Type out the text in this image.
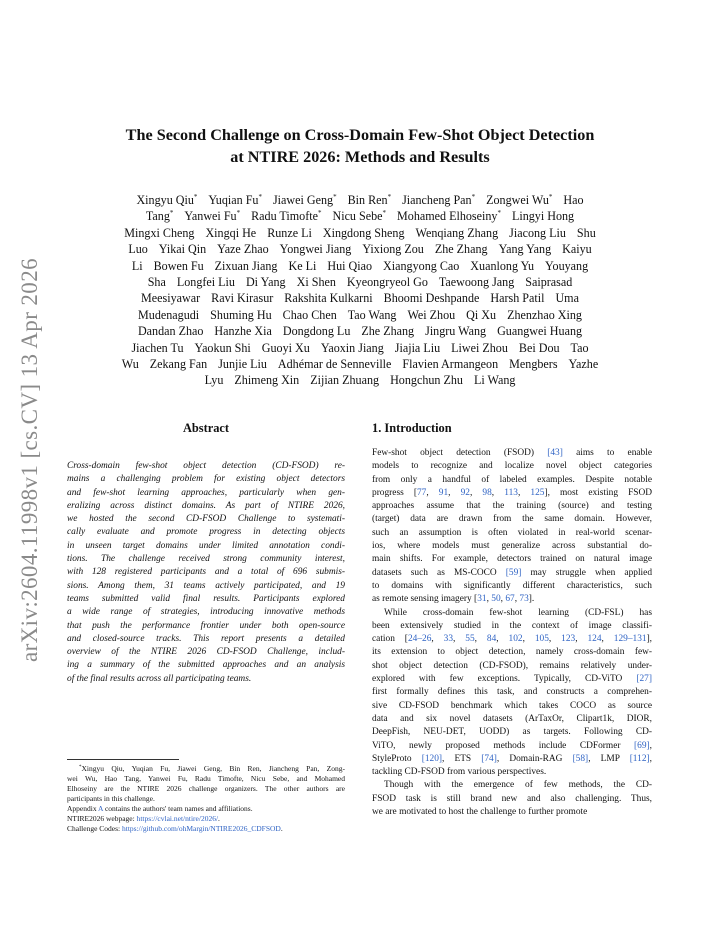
arXiv:2604.11998v1 [cs.CV] 13 Apr 2026
The Second Challenge on Cross-Domain Few-Shot Object Detection
at NTIRE 2026: Methods and Results
Xingyu Qiu* Yuqian Fu* Jiawei Geng* Bin Ren* Jiancheng Pan* Zongwei Wu* Hao
Tang* Yanwei Fu* Radu Timofte* Nicu Sebe* Mohamed Elhoseiny* Lingyi Hong
Mingxi Cheng Xingqi He Runze Li Xingdong Sheng Wenqiang Zhang Jiacong Liu Shu
Luo Yikai Qin Yaze Zhao Yongwei Jiang Yixiong Zou Zhe Zhang Yang Yang Kaiyu
Li Bowen Fu Zixuan Jiang Ke Li Hui Qiao Xiangyong Cao Xuanlong Yu Youyang
Sha Longfei Liu Di Yang Xi Shen Kyeongryeol Go Taewoong Jang Saiprasad
Meesiyawar Ravi Kirasur Rakshita Kulkarni Bhoomi Deshpande Harsh Patil Uma
Mudenagudi Shuming Hu Chao Chen Tao Wang Wei Zhou Qi Xu Zhenzhao Xing
Dandan Zhao Hanzhe Xia Dongdong Lu Zhe Zhang Jingru Wang Guangwei Huang
Jiachen Tu Yaokun Shi Guoyi Xu Yaoxin Jiang Jiajia Liu Liwei Zhou Bei Dou Tao
Wu Zekang Fan Junjie Liu Adhémar de Senneville Flavien Armangeon Mengbers Yazhe
Lyu Zhimeng Xin Zijian Zhuang Hongchun Zhu Li Wang
Abstract
Cross-domain few-shot object detection (CD-FSOD) re-
mains a challenging problem for existing object detectors
and few-shot learning approaches, particularly when gen-
eralizing across distinct domains. As part of NTIRE 2026,
we hosted the second CD-FSOD Challenge to systemati-
cally evaluate and promote progress in detecting objects
in unseen target domains under limited annotation condi-
tions. The challenge received strong community interest,
with 128 registered participants and a total of 696 submis-
sions. Among them, 31 teams actively participated, and 19
teams submitted valid final results. Participants explored
a wide range of strategies, introducing innovative methods
that push the performance frontier under both open-source
and closed-source tracks. This report presents a detailed
overview of the NTIRE 2026 CD-FSOD Challenge, includ-
ing a summary of the submitted approaches and an analysis
of the final results across all participating teams.
1. Introduction
Few-shot object detection (FSOD) [43] aims to enable
models to recognize and localize novel object categories
from only a handful of labeled examples. Despite notable
progress [77, 91, 92, 98, 113, 125], most existing FSOD
approaches assume that the training (source) and testing
(target) data are drawn from the same domain. However,
such an assumption is often violated in real-world scenar-
ios, where models must generalize across substantial do-
main shifts. For example, detectors trained on natural image
datasets such as MS-COCO [59] may struggle when applied
to domains with significantly different characteristics, such
as remote sensing imagery [31, 50, 67, 73].
While cross-domain few-shot learning (CD-FSL) has
been extensively studied in the context of image classifi-
cation [24–26, 33, 55, 84, 102, 105, 123, 124, 129–131],
its extension to object detection, namely cross-domain few-
shot object detection (CD-FSOD), remains relatively under-
explored with few exceptions. Typically, CD-ViTO [27]
first formally defines this task, and constructs a comprehen-
sive CD-FSOD benchmark which takes COCO as source
data and six novel datasets (ArTaxOr, Clipart1k, DIOR,
DeepFish, NEU-DET, UODD) as targets. Following CD-
ViTO, newly proposed methods include CDFormer [69],
StyleProto [120], ETS [74], Domain-RAG [58], LMP [112],
tackling CD-FSOD from various perspectives.
Though with the emergence of few methods, the CD-
FSOD task is still brand new and also challenging. Thus,
we are motivated to host the challenge to further promote
*Xingyu Qiu, Yuqian Fu, Jiawei Geng, Bin Ren, Jiancheng Pan, Zong-
wei Wu, Hao Tang, Yanwei Fu, Radu Timofte, Nicu Sebe, and Mohamed
Elhoseiny are the NTIRE 2026 challenge organizers. The other authors are
participants in this challenge.
Appendix A contains the authors' team names and affiliations.
NTIRE2026 webpage: https://cvlai.net/ntire/2026/.
Challenge Codes: https://github.com/ohMargin/NTIRE2026_CDFSOD.
